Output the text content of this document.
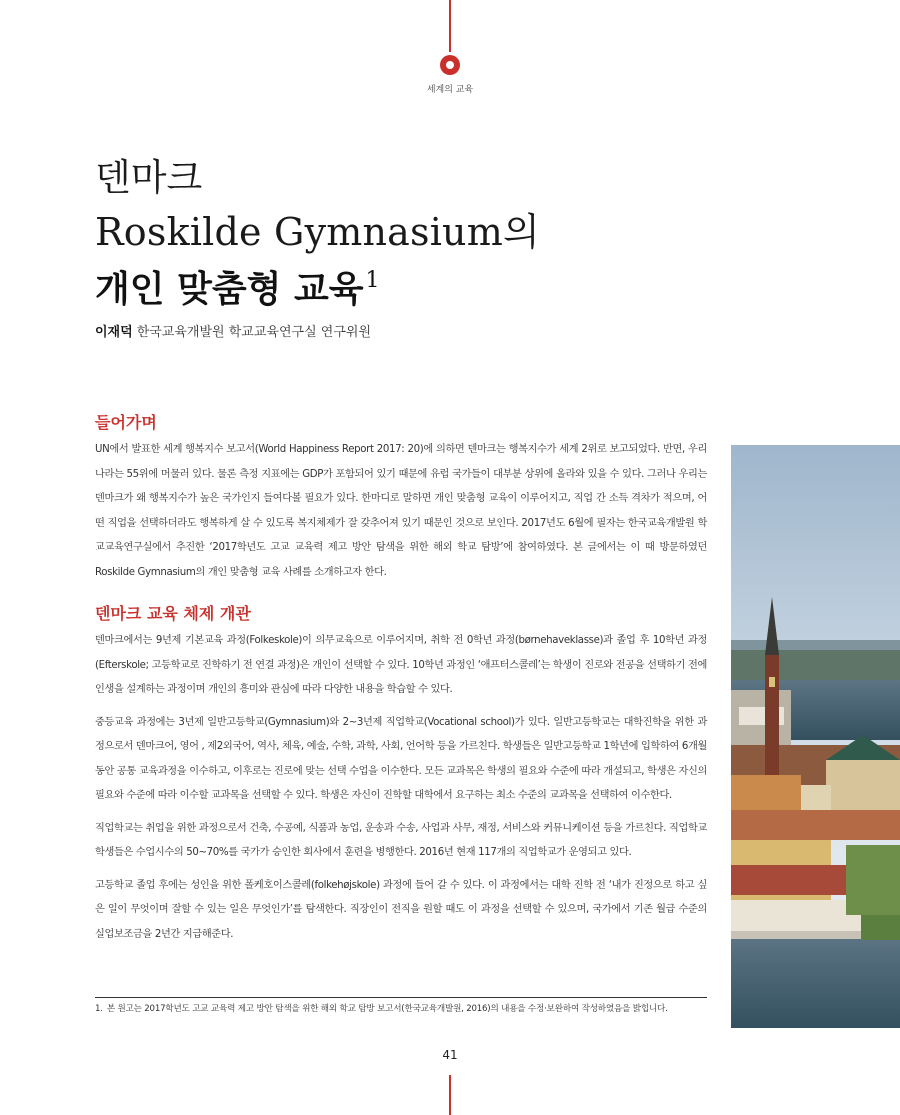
세계의 교육
덴마크
Roskilde Gymnasium의
개인 맞춤형 교육$^1$
이재덕 한국교육개발원 학교교육연구실 연구위원
들어가며

UN에서 발표한 세계 행복지수 보고서(World Happiness Report 2017: 20)에 의하면 덴마크는 행복지수가 세계 2위로 보고되었다. 반면, 우리나라는 55위에 머물러 있다. 물론 측정 지표에는 GDP가 포함되어 있기 때문에 유럽 국가들이 대부분 상위에 올라와 있을 수 있다. 그러나 우리는 덴마크가 왜 행복지수가 높은 국가인지 들여다볼 필요가 있다. 한마디로 말하면 개인 맞춤형 교육이 이루어지고, 직업 간 소득 격차가 적으며, 어떤 직업을 선택하더라도 행복하게 살 수 있도록 복지체제가 잘 갖추어져 있기 때문인 것으로 보인다. 2017년도 6월에 필자는 한국교육개발원 학교교육연구실에서 추진한 ‘2017학년도 고교 교육력 제고 방안 탐색을 위한 해외 학교 탐방’에 참여하였다. 본 글에서는 이 때 방문하였던 Roskilde Gymnasium의 개인 맞춤형 교육 사례를 소개하고자 한다.

덴마크 교육 체제 개관

덴마크에서는 9년제 기본교육 과정(Folkeskole)이 의무교육으로 이루어지며, 취학 전 0학년 과정(børnehaveklasse)과 졸업 후 10학년 과정(Efterskole; 고등학교로 진학하기 전 연결 과정)은 개인이 선택할 수 있다. 10학년 과정인 ‘애프터스콜레’는 학생이 진로와 전공을 선택하기 전에 인생을 설계하는 과정이며 개인의 흥미와 관심에 따라 다양한 내용을 학습할 수 있다.

중등교육 과정에는 3년제 일반고등학교(Gymnasium)와 2~3년제 직업학교(Vocational school)가 있다. 일반고등학교는 대학진학을 위한 과정으로서 덴마크어, 영어 , 제2외국어, 역사, 체육, 예술, 수학, 과학, 사회, 언어학 등을 가르친다. 학생들은 일반고등학교 1학년에 입학하여 6개월 동안 공통 교육과정을 이수하고, 이후로는 진로에 맞는 선택 수업을 이수한다. 모든 교과목은 학생의 필요와 수준에 따라 개설되고, 학생은 자신의 필요와 수준에 따라 이수할 교과목을 선택할 수 있다. 학생은 자신이 진학할 대학에서 요구하는 최소 수준의 교과목을 선택하여 이수한다.

직업학교는 취업을 위한 과정으로서 건축, 수공예, 식품과 농업, 운송과 수송, 사업과 사무, 재정, 서비스와 커뮤니케이션 등을 가르친다. 직업학교 학생들은 수업시수의 50~70%를 국가가 승인한 회사에서 훈련을 병행한다. 2016년 현재 117개의 직업학교가 운영되고 있다.

고등학교 졸업 후에는 성인을 위한 폴케호이스콜레(folkehøjskole) 과정에 들어 갈 수 있다. 이 과정에서는 대학 진학 전 ‘내가 진정으로 하고 싶은 일이 무엇이며 잘할 수 있는 일은 무엇인가’를 탐색한다. 직장인이 전직을 원할 때도 이 과정을 선택할 수 있으며, 국가에서 기존 월급 수준의 실업보조금을 2년간 지급해준다.

1. 본 원고는 2017학년도 고교 교육력 제고 방안 탐색을 위한 해외 학교 탐방 보고서(한국교육개발원, 2016)의 내용을 수정·보완하여 작성하였음을 밝힙니다.
41
